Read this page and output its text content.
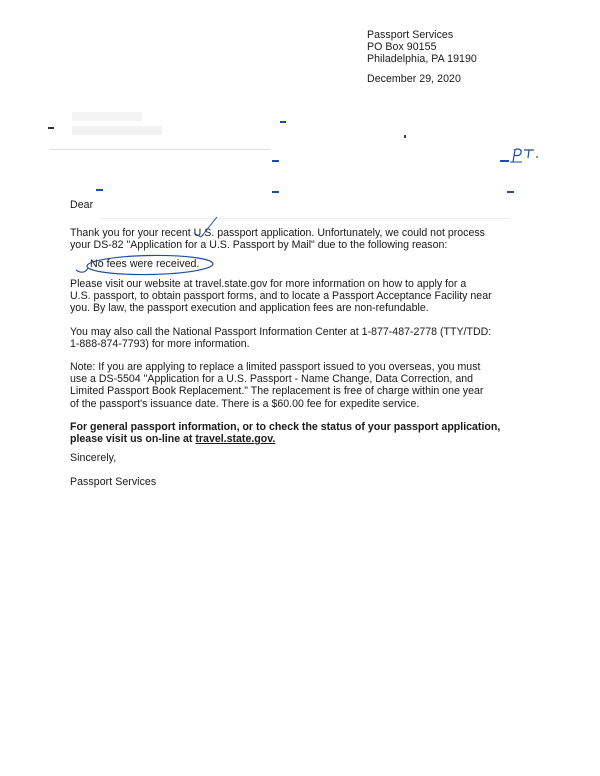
Passport Services
PO Box 90155
Philadelphia, PA 19190
December 29, 2020
Dear
Thank you for your recent U.S. passport application. Unfortunately, we could not process
your DS-82 "Application for a U.S. Passport by Mail" due to the following reason:
No fees were received.
Please visit our website at travel.state.gov for more information on how to apply for a
U.S. passport, to obtain passport forms, and to locate a Passport Acceptance Facility near
you. By law, the passport execution and application fees are non-refundable.
You may also call the National Passport Information Center at 1-877-487-2778 (TTY/TDD:
1-888-874-7793) for more information.
Note: If you are applying to replace a limited passport issued to you overseas, you must
use a DS-5504 "Application for a U.S. Passport - Name Change, Data Correction, and
Limited Passport Book Replacement." The replacement is free of charge within one year
of the passport's issuance date. There is a $60.00 fee for expedite service.
For general passport information, or to check the status of your passport application,
please visit us on-line at travel.state.gov.
Sincerely,
Passport Services
